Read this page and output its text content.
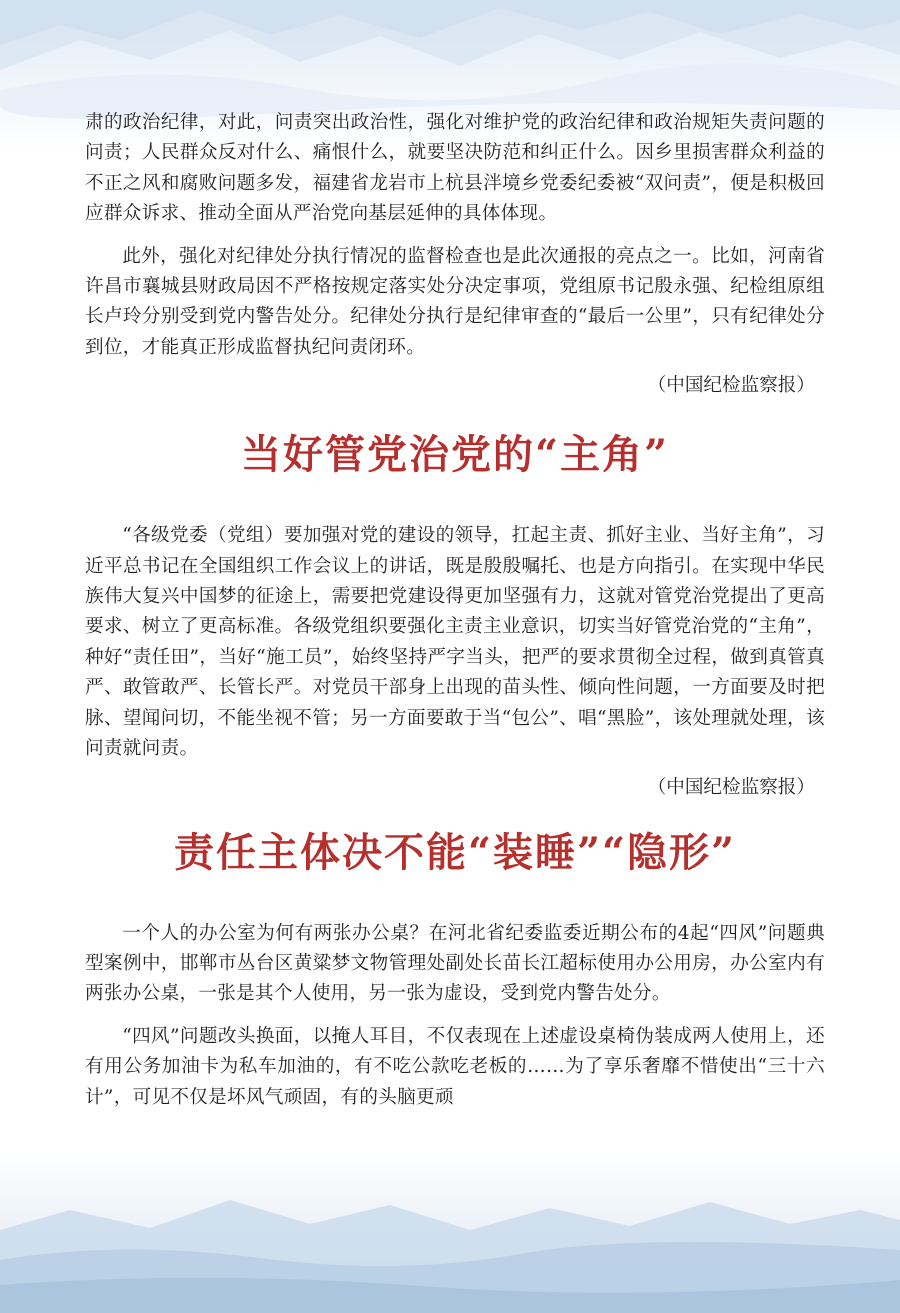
肃的政治纪律，对此，问责突出政治性，强化对维护党的政治纪律和政治规矩失责问题的问责；人民群众反对什么、痛恨什么，就要坚决防范和纠正什么。因乡里损害群众利益的不正之风和腐败问题多发，福建省龙岩市上杭县泮境乡党委纪委被“双问责”，便是积极回应群众诉求、推动全面从严治党向基层延伸的具体体现。

此外，强化对纪律处分执行情况的监督检查也是此次通报的亮点之一。比如，河南省许昌市襄城县财政局因不严格按规定落实处分决定事项，党组原书记殷永强、纪检组原组长卢玲分别受到党内警告处分。纪律处分执行是纪律审查的“最后一公里”，只有纪律处分到位，才能真正形成监督执纪问责闭环。

（中国纪检监察报）
当好管党治党的“主角”

“各级党委（党组）要加强对党的建设的领导，扛起主责、抓好主业、当好主角”，习近平总书记在全国组织工作会议上的讲话，既是殷殷嘱托、也是方向指引。在实现中华民族伟大复兴中国梦的征途上，需要把党建设得更加坚强有力，这就对管党治党提出了更高要求、树立了更高标准。各级党组织要强化主责主业意识，切实当好管党治党的“主角”，种好“责任田”，当好“施工员”，始终坚持严字当头，把严的要求贯彻全过程，做到真管真严、敢管敢严、长管长严。对党员干部身上出现的苗头性、倾向性问题，一方面要及时把脉、望闻问切，不能坐视不管；另一方面要敢于当“包公”、唱“黑脸”，该处理就处理，该问责就问责。

（中国纪检监察报）
责任主体决不能“装睡”“隐形”

一个人的办公室为何有两张办公桌？在河北省纪委监委近期公布的4起“四风”问题典型案例中，邯郸市丛台区黄粱梦文物管理处副处长苗长江超标使用办公用房，办公室内有两张办公桌，一张是其个人使用，另一张为虚设，受到党内警告处分。

“四风”问题改头换面，以掩人耳目，不仅表现在上述虚设桌椅伪装成两人使用上，还有用公务加油卡为私车加油的，有不吃公款吃老板的……为了享乐奢靡不惜使出“三十六计”，可见不仅是坏风气顽固，有的头脑更顽
